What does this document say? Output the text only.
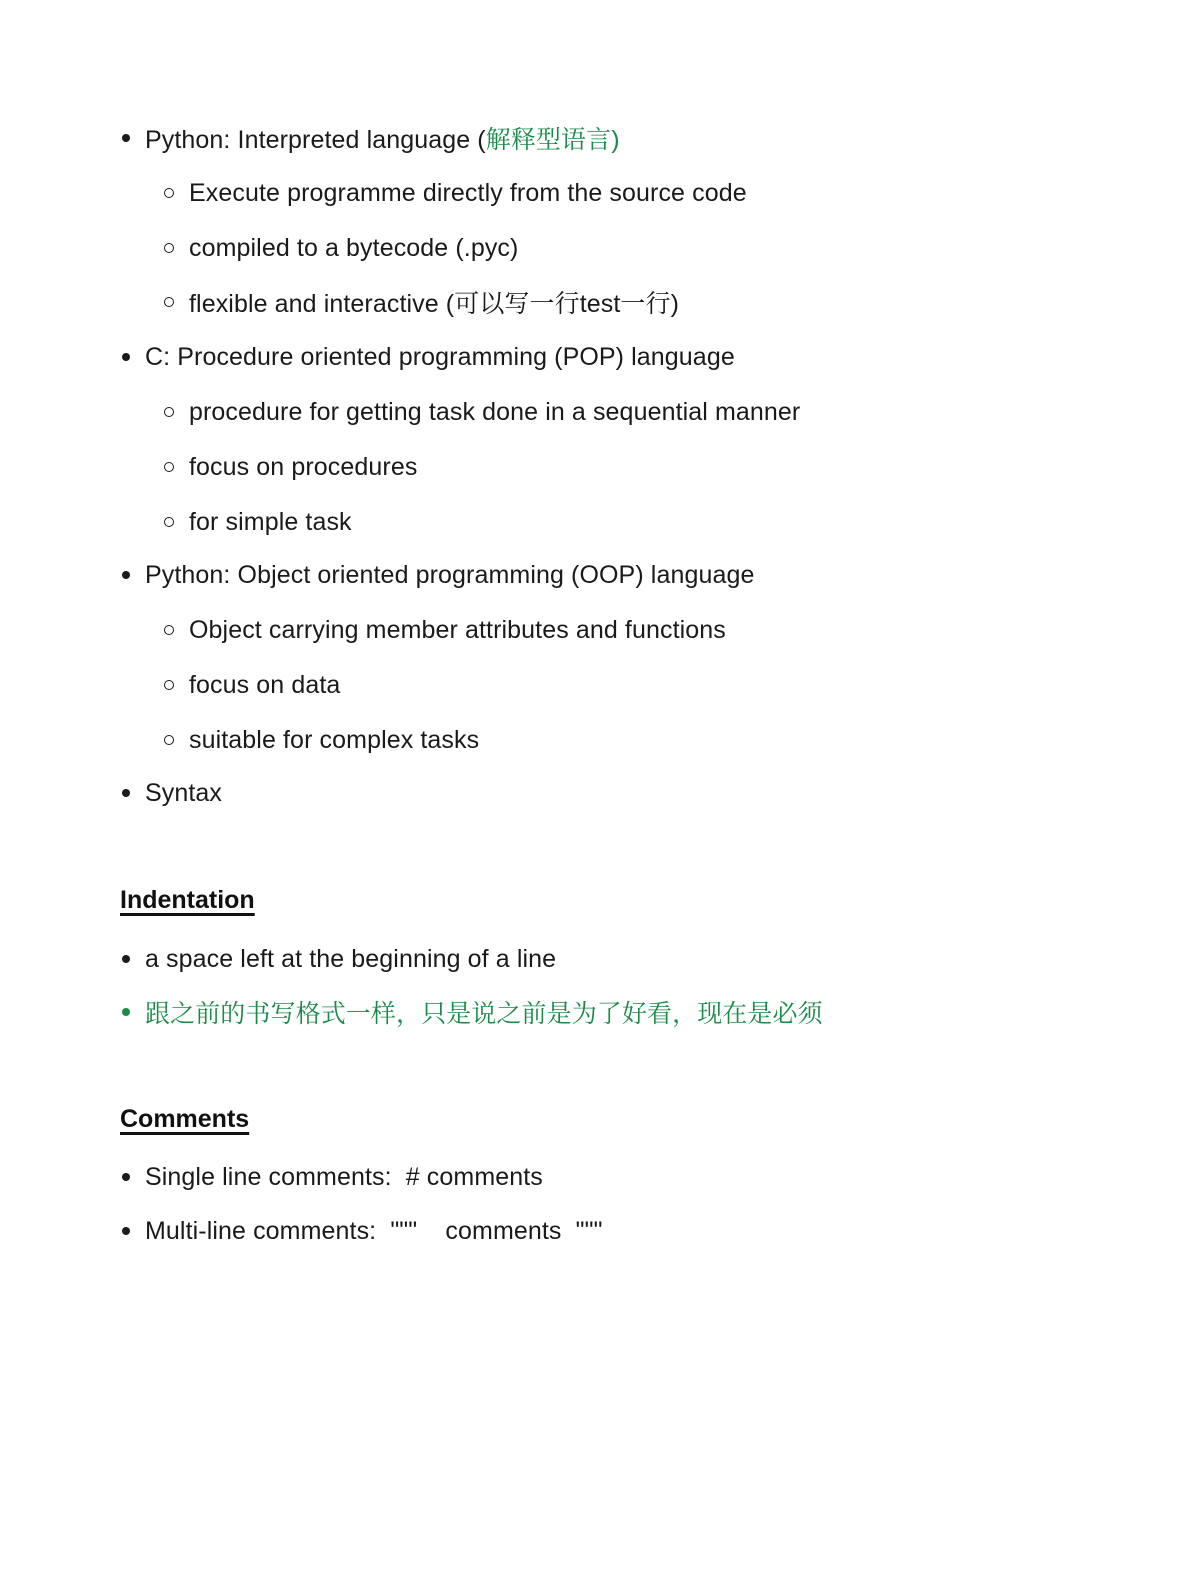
Python: Interpreted language (解释型语言)
Execute programme directly from the source code
compiled to a bytecode (.pyc)
flexible and interactive (可以写一行test一行)
C: Procedure oriented programming (POP) language
procedure for getting task done in a sequential manner
focus on procedures
for simple task
Python: Object oriented programming (OOP) language
Object carrying member attributes and functions
focus on data
suitable for complex tasks
Syntax
Indentation
a space left at the beginning of a line
跟之前的书写格式一样，只是说之前是为了好看，现在是必须
Comments
Single line comments:  # comments
Multi-line comments:  """    comments  """
